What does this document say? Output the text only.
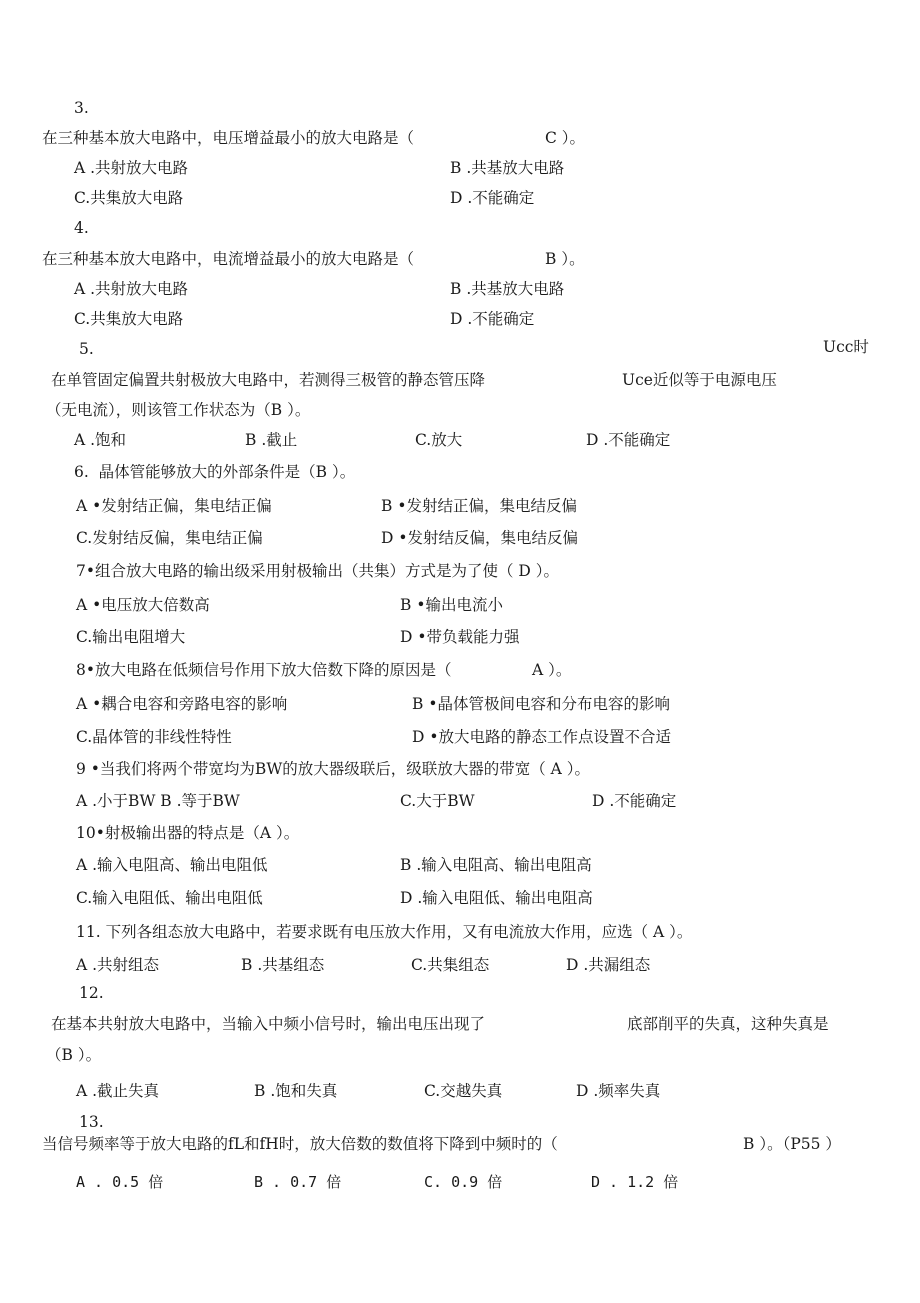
3.
在三种基本放大电路中，电压增益最小的放大电路是（	C ）。
A .共射放大电路	B .共基放大电路
C.共集放大电路	D .不能确定
4.
在三种基本放大电路中，电流增益最小的放大电路是（	B ）。
A .共射放大电路	B .共基放大电路
C.共集放大电路	D .不能确定
5.	Ucc时
在单管固定偏置共射极放大电路中，若测得三极管的静态管压降	Uce近似等于电源电压
（无电流），则该管工作状态为（B ）。
A .饱和	B .截止	C.放大	D .不能确定
6.  晶体管能够放大的外部条件是（B ）。
A •发射结正偏，集电结正偏	B •发射结正偏，集电结反偏
C.发射结反偏，集电结正偏	D •发射结反偏，集电结反偏
7•组合放大电路的输出级采用射极输出（共集）方式是为了使（ D ）。
A •电压放大倍数高	B •输出电流小
C.输出电阻增大	D •带负载能力强
8•放大电路在低频信号作用下放大倍数下降的原因是（	A ）。
A •耦合电容和旁路电容的影响	B •晶体管极间电容和分布电容的影响
C.晶体管的非线性特性	D •放大电路的静态工作点设置不合适
9 •当我们将两个带宽均为BW的放大器级联后，级联放大器的带宽（ A ）。
A .小于BW B .等于BW	C.大于BW	D .不能确定
10•射极输出器的特点是（A ）。
A .输入电阻高、输出电阻低	B .输入电阻高、输出电阻高
C.输入电阻低、输出电阻低	D .输入电阻低、输出电阻高
11. 下列各组态放大电路中，若要求既有电压放大作用，又有电流放大作用，应选（ A ）。
A .共射组态	B .共基组态	C.共集组态	D .共漏组态
12.
在基本共射放大电路中，当输入中频小信号时，输出电压出现了	底部削平的失真，这种失真是
（B ）。
A .截止失真	B .饱和失真	C.交越失真	D .频率失真
13.
当信号频率等于放大电路的fL和fH时，放大倍数的数值将下降到中频时的（	B ）。（P55 ）
A . 0.5 倍	B . 0.7 倍	C. 0.9 倍	D . 1.2 倍
